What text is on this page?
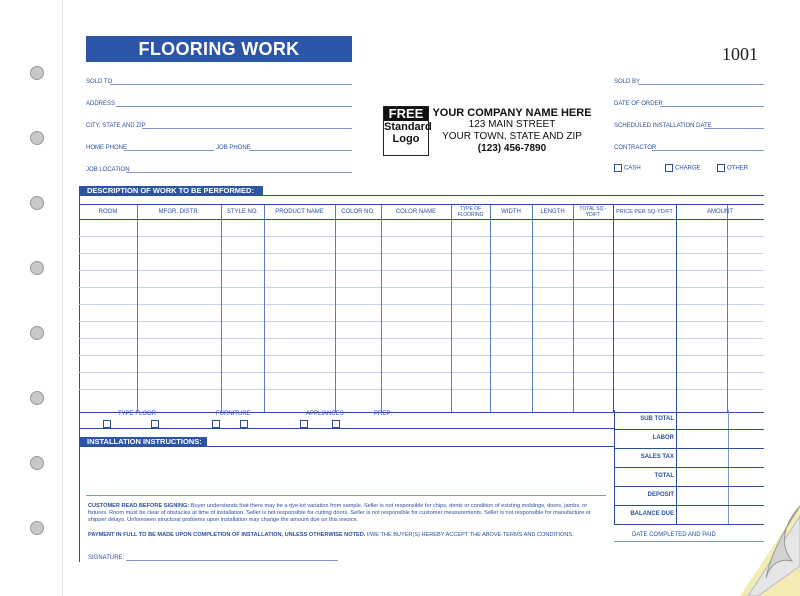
FLOORING WORK ORDER/INVOICE
1001
SOLD TO
ADDRESS
CITY, STATE AND ZIP
HOME PHONE	JOB PHONE
JOB LOCATION
FREE
Standard
Logo
YOUR COMPANY NAME HERE
123 MAIN STREET
YOUR TOWN, STATE AND ZIP
(123) 456-7890
SOLD BY
DATE OF ORDER
SCHEDULED INSTALLATION DATE
CONTRACTOR
CASH	CHARGE	OTHER
DESCRIPTION OF WORK TO BE PERFORMED:
ROOM	MFGR. DISTR.	STYLE NO.	PRODUCT NAME	COLOR NO.	COLOR NAME	TYPE OF FLOORING	WIDTH	LENGTH	TOTAL SQ.-YD/FT	PRICE PER SQ-YD/FT	AMOUNT
TYPE FLOOR	FURNITURE	APPLIANCES	PREP:
INSTALLATION INSTRUCTIONS:
SUB TOTAL
LABOR
SALES TAX
TOTAL
DEPOSIT
BALANCE DUE
DATE COMPLETED AND PAID
CUSTOMER READ BEFORE SIGNING: Buyer understands that there may be a dye-lot variation from sample. Seller is not responsible for chips, dents or condition of existing moldings, doors, jambs, or fixtures. Room must be clear of obstacles at time of installation. Seller is not responsible for cutting doors. Seller is not responsible for customer measurements. Seller is not responsible for manufacture or shipper delays. Unforeseen structural problems upon installation may change the amount due on this invoice.
PAYMENT IN FULL TO BE MADE UPON COMPLETION OF INSTALLATION, UNLESS OTHERWISE NOTED. I/WE THE BUYER(S) HEREBY ACCEPT THE ABOVE TERMS AND CONDITIONS.
SIGNATURE:
